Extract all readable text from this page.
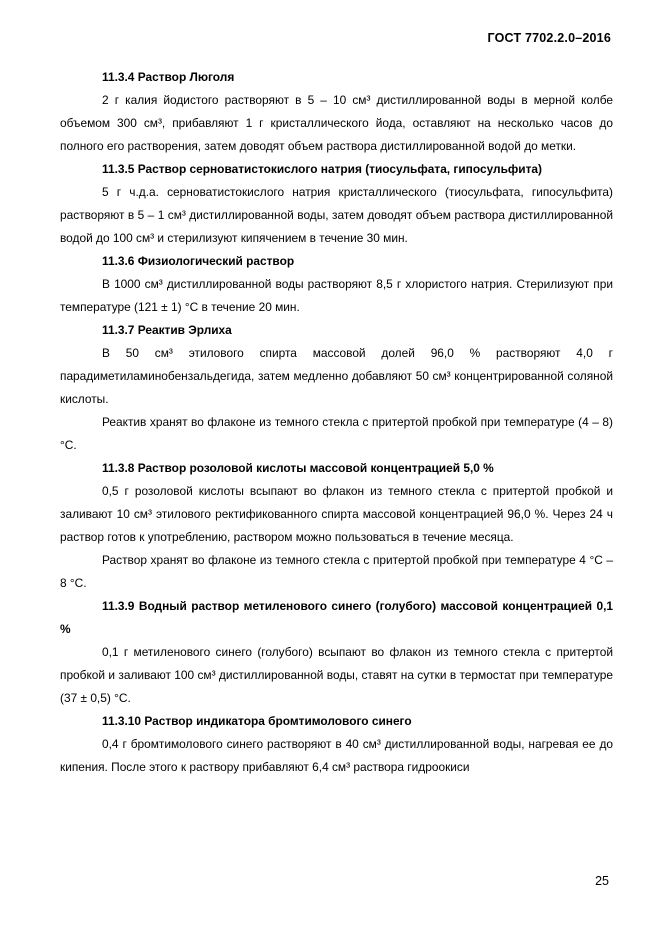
ГОСТ 7702.2.0–2016
11.3.4 Раствор Люголя

2 г калия йодистого растворяют в 5 – 10 см³ дистиллированной воды в мерной колбе объемом 300 см³, прибавляют 1 г кристаллического йода, оставляют на несколько часов до полного его растворения, затем доводят объем раствора дистиллированной водой до метки.

11.3.5 Раствор серноватистокислого натрия (тиосульфата, гипосульфита)

5 г ч.д.а. серноватистокислого натрия кристаллического (тиосульфата, гипосульфита) растворяют в 5 – 1 см³ дистиллированной воды, затем доводят объем раствора дистиллированной водой до 100 см³ и стерилизуют кипячением в течение 30 мин.

11.3.6 Физиологический раствор

В 1000 см³ дистиллированной воды растворяют 8,5 г хлористого натрия. Стерилизуют при температуре (121 ± 1) °С в течение 20 мин.

11.3.7 Реактив Эрлиха

В 50 см³ этилового спирта массовой долей 96,0 % растворяют 4,0 г парадиметиламинобензальдегида, затем медленно добавляют 50 см³ концентрированной соляной кислоты.

Реактив хранят во флаконе из темного стекла с притертой пробкой при температуре (4 – 8) °С.

11.3.8 Раствор розоловой кислоты массовой концентрацией 5,0 %

0,5 г розоловой кислоты всыпают во флакон из темного стекла с притертой пробкой и заливают 10 см³ этилового ректификованного спирта массовой концентрацией 96,0 %. Через 24 ч раствор готов к употреблению, раствором можно пользоваться в течение месяца.

Раствор хранят во флаконе из темного стекла с притертой пробкой при температуре 4 °С – 8 °С.

11.3.9 Водный раствор метиленового синего (голубого) массовой концентрацией 0,1 %

0,1 г метиленового синего (голубого) всыпают во флакон из темного стекла с притертой пробкой и заливают 100 см³ дистиллированной воды, ставят на сутки в термостат при температуре (37 ± 0,5) °С.

11.3.10 Раствор индикатора бромтимолового синего

0,4 г бромтимолового синего растворяют в 40 см³ дистиллированной воды, нагревая ее до кипения. После этого к раствору прибавляют 6,4 см³ раствора гидроокиси

25
